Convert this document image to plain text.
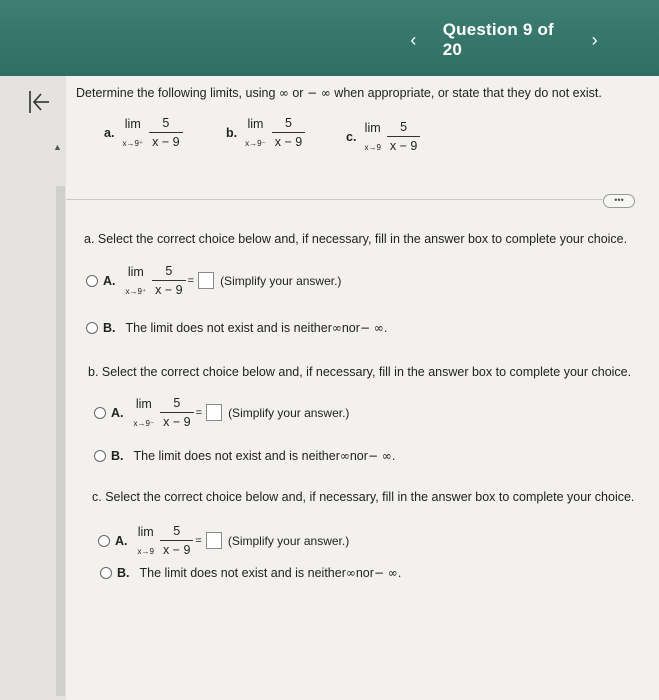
‹	Question 9 of 20	›
▲
Determine the following limits, using ∞ or − ∞ when appropriate, or state that they do not exist.
a.
lim
$x\to 9^+ \frac{5}{x - 9}$	b.
lim
$x\to 9^- \frac{5}{x - 9}$	c.
lim
$x\to 9 \frac{5}{x - 9}$
•••
a. Select the correct choice below and, if necessary, fill in the answer box to complete your choice.
A.
lim
$x\to 9^+ \frac{5}{x - 9}$ = (Simplify your answer.)
B. The limit does not exist and is neither ∞ nor − ∞ .
b. Select the correct choice below and, if necessary, fill in the answer box to complete your choice.
A.
lim
$x\to 9^- \frac{5}{x - 9}$ = (Simplify your answer.)
B. The limit does not exist and is neither ∞ nor − ∞ .
c. Select the correct choice below and, if necessary, fill in the answer box to complete your choice.
A.
lim
$x\to 9 \frac{5}{x - 9}$ = (Simplify your answer.)
B. The limit does not exist and is neither ∞ nor − ∞ .
